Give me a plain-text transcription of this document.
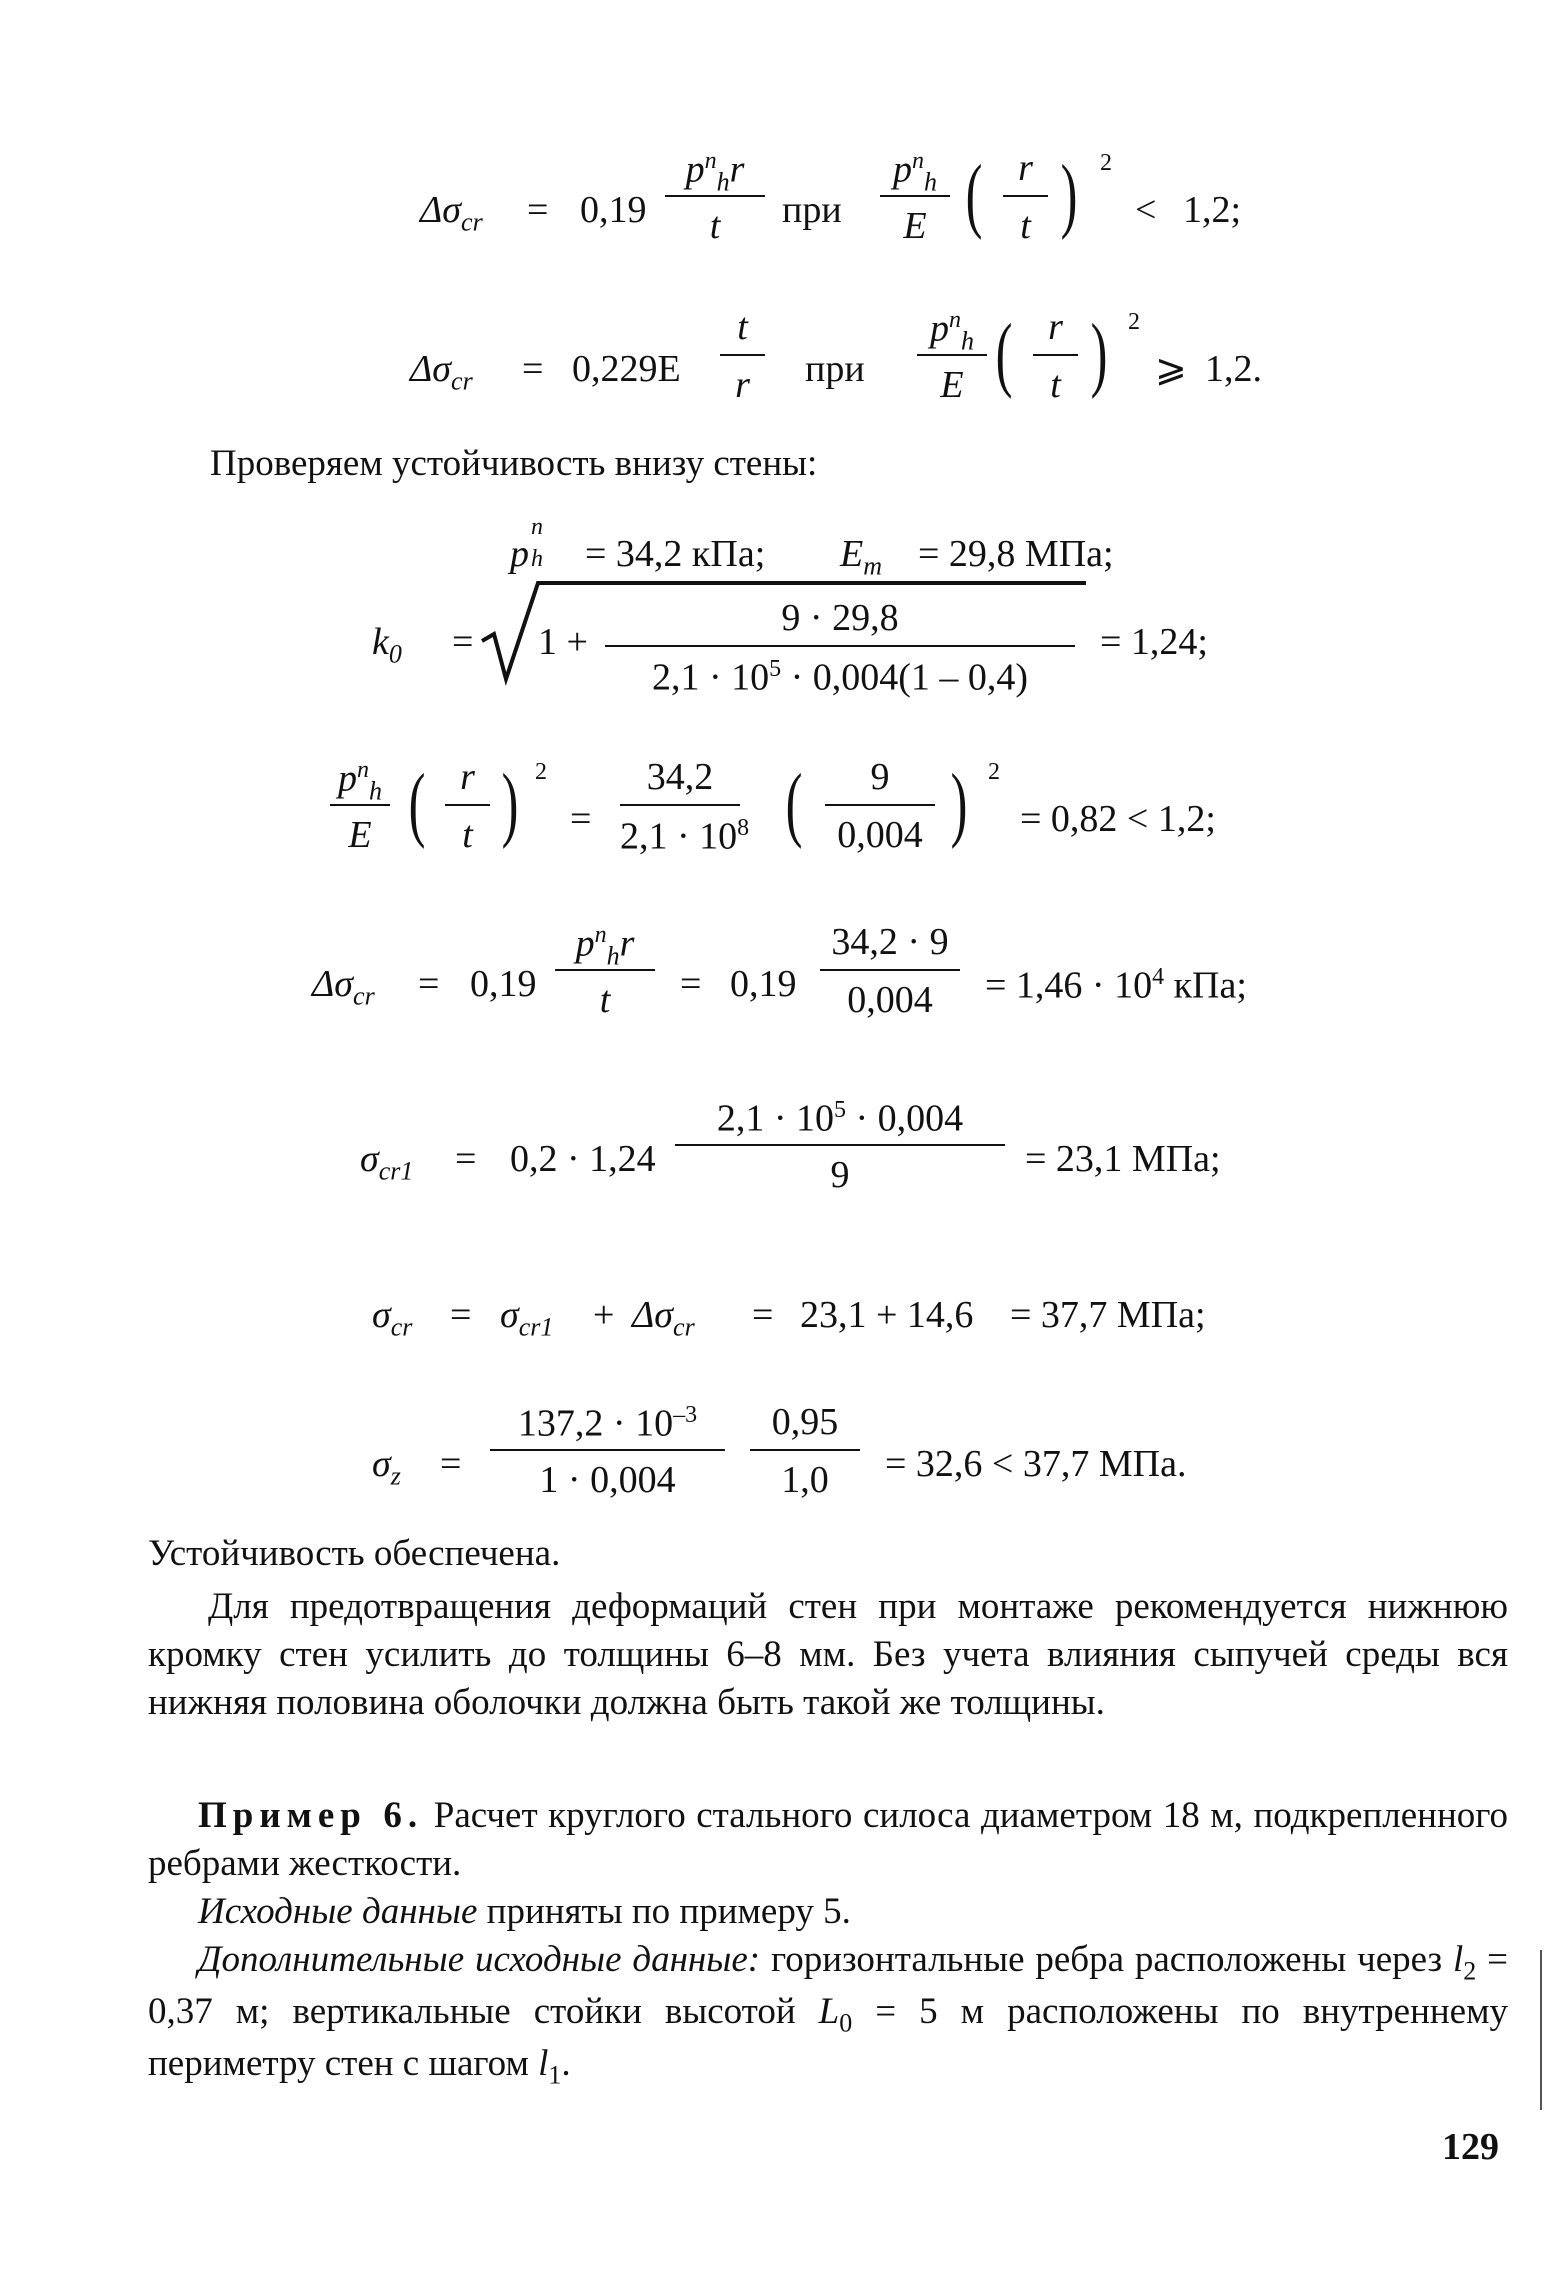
$\Delta\sigma_{cr} = 0,19$
$p^n_hr$
t	при
$p^n_h$
E ( r
t ) 2
< 1,2;
$\Delta\sigma_{cr} = 0,229E$
t
r	при
$p^n_h$
E ( r
t ) 2
⩾ 1,2.
Проверяем устойчивость внизу стены:
p
n
h = 34,2 кПа; $E_m = 29,8$ МПа;
$k_0 = 1$ +
9 · 29,8
$2,1 \cdot 10^5 \cdot 0,004(1 - 0,4)$
= 1,24;
$p^n_h$
E ( r
t ) 2
=
34,2
$2,1 \cdot 10^8$ (	9
0,004 ) 2
= 0,82 < 1,2;
$\Delta\sigma_{cr} = 0,19$
$p^n_hr$
t	= 0,19
34,2 · 9
0,004	= $1,46 \cdot 10^4$ кПа;
$\sigma_{cr1} = 0,2 \cdot 1,24$
$2,1 \cdot 10^5 \cdot 0,004$
9	= 23,1 МПа;
$\sigma_{cr} = \sigma_{cr1} + \Delta\sigma_{cr} = 23,1 + 14,6 = 37,7$ МПа;
$\sigma_z$ =
$137,2 \cdot 10^{-3}$
1 · 0,004
0,95
1,0	= 32,6 < 37,7 МПа.
Устойчивость обеспечена.
Для предотвращения деформаций стен при монтаже рекомендуется нижнюю кромку стен усилить до толщины 6–8 мм. Без учета влияния сыпучей среды вся нижняя половина оболочки должна быть такой же толщины.
Пример 6. Расчет круглого стального силоса диаметром 18 м, подкрепленного ребрами жесткости.
Исходные данные приняты по примеру 5.
Дополнительные исходные данные: горизонтальные ребра расположены через $l_2 = 0,37$ м; вертикальные стойки высотой $L_0 = 5$ м расположены по внутреннему периметру стен с шагом $l_1$.
129
